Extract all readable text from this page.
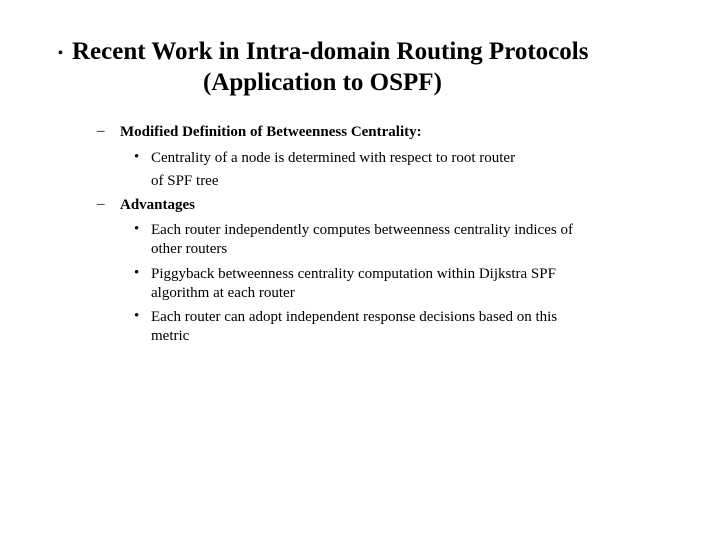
• Recent Work in Intra-domain Routing Protocols
(Application to OSPF)
– Modified Definition of Betweenness Centrality:
• Centrality of a node is determined with respect to root router
of SPF tree
– Advantages
• Each router independently computes betweenness centrality indices of
other routers
• Piggyback betweenness centrality computation within Dijkstra SPF
algorithm at each router
• Each router can adopt independent response decisions based on this
metric
